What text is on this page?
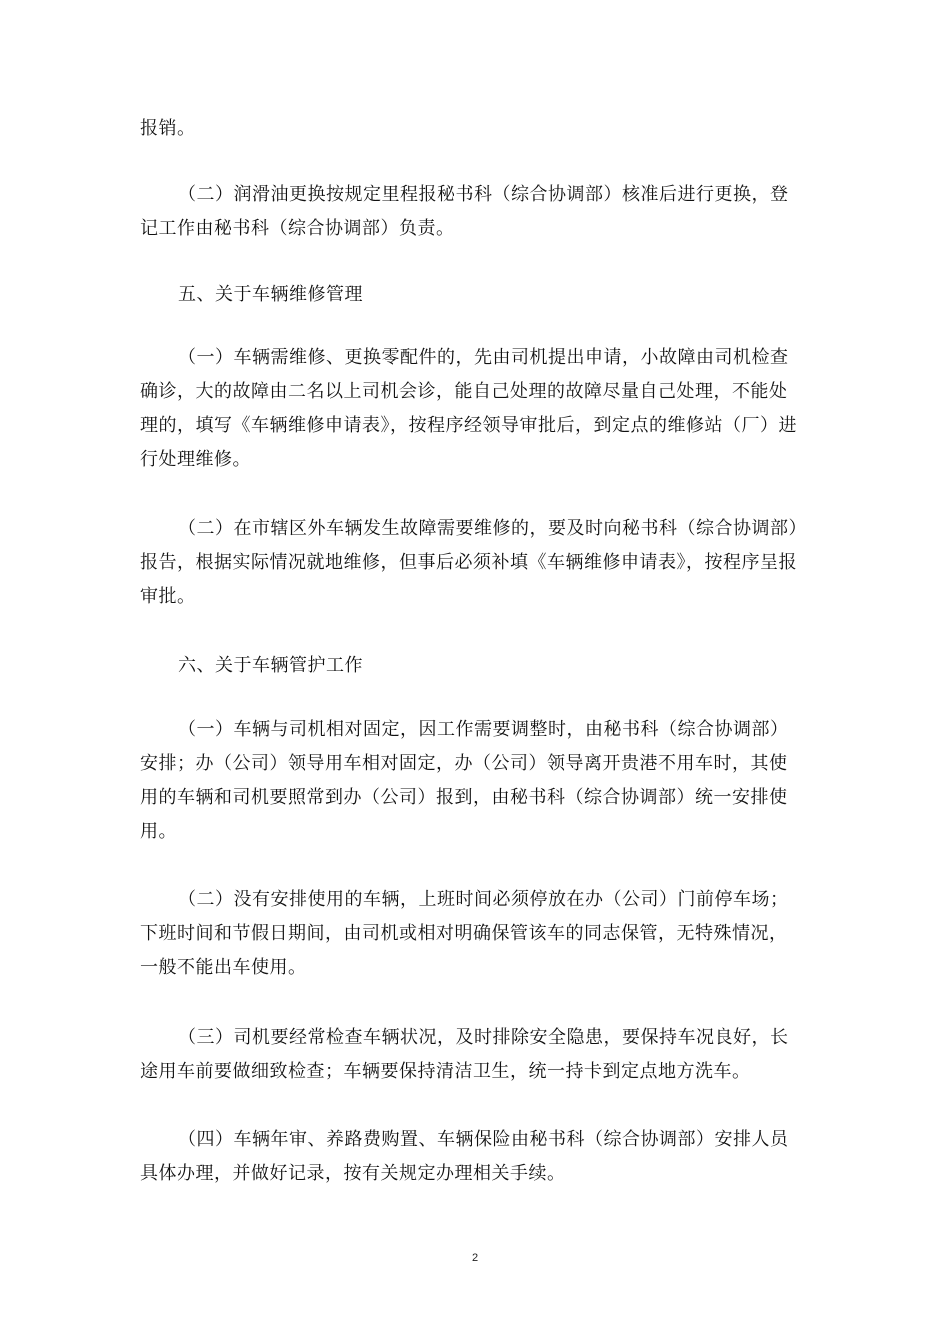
报销。

（二）润滑油更换按规定里程报秘书科（综合协调部）核准后进行更换，登
记工作由秘书科（综合协调部）负责。

五、关于车辆维修管理

（一）车辆需维修、更换零配件的，先由司机提出申请，小故障由司机检查
确诊，大的故障由二名以上司机会诊，能自己处理的故障尽量自己处理，不能处
理的，填写《车辆维修申请表》，按程序经领导审批后，到定点的维修站（厂）进
行处理维修。

（二）在市辖区外车辆发生故障需要维修的，要及时向秘书科（综合协调部）
报告，根据实际情况就地维修，但事后必须补填《车辆维修申请表》，按程序呈报
审批。

六、关于车辆管护工作

（一）车辆与司机相对固定，因工作需要调整时，由秘书科（综合协调部）
安排；办（公司）领导用车相对固定，办（公司）领导离开贵港不用车时，其使
用的车辆和司机要照常到办（公司）报到，由秘书科（综合协调部）统一安排使
用。

（二）没有安排使用的车辆，上班时间必须停放在办（公司）门前停车场；
下班时间和节假日期间，由司机或相对明确保管该车的同志保管，无特殊情况，
一般不能出车使用。

（三）司机要经常检查车辆状况，及时排除安全隐患，要保持车况良好，长
途用车前要做细致检查；车辆要保持清洁卫生，统一持卡到定点地方洗车。

（四）车辆年审、养路费购置、车辆保险由秘书科（综合协调部）安排人员
具体办理，并做好记录，按有关规定办理相关手续。

2
